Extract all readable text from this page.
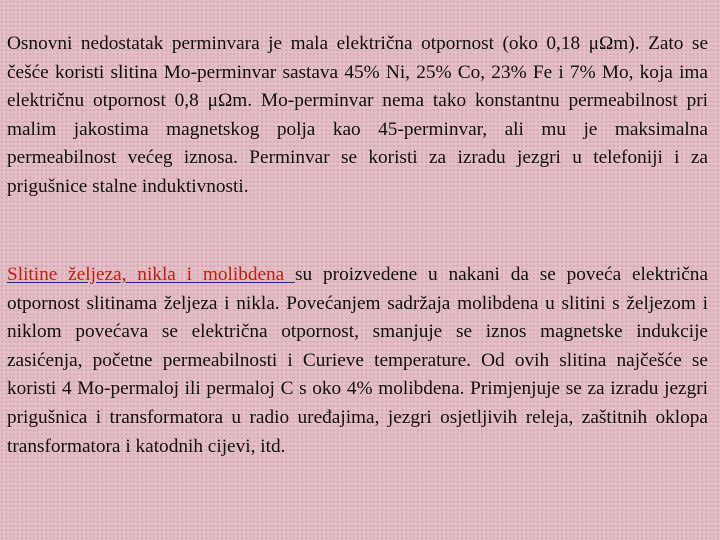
Osnovni nedostatak perminvara je mala električna otpornost (oko 0,18 μΩm). Zato se češće koristi slitina Mo-perminvar sastava 45% Ni, 25% Co, 23% Fe i 7% Mo, koja ima električnu otpornost 0,8 μΩm. Mo-perminvar nema tako konstantnu permeabilnost pri malim jakostima magnetskog polja kao 45-perminvar, ali mu je maksimalna permeabilnost većeg iznosa. Perminvar se koristi za izradu jezgri u telefoniji i za prigušnice stalne induktivnosti.

Slitine željeza, nikla i molibdena su proizvedene u nakani da se poveća električna otpornost slitinama željeza i nikla. Povećanjem sadržaja molibdena u slitini s željezom i niklom povećava se električna otpornost, smanjuje se iznos magnetske indukcije zasićenja, početne permeabilnosti i Curieve temperature. Od ovih slitina najčešće se koristi 4 Mo-permaloj ili permaloj C s oko 4% molibdena. Primjenjuje se za izradu jezgri prigušnica i transformatora u radio uređajima, jezgri osjetljivih releja, zaštitnih oklopa transformatora i katodnih cijevi, itd.
